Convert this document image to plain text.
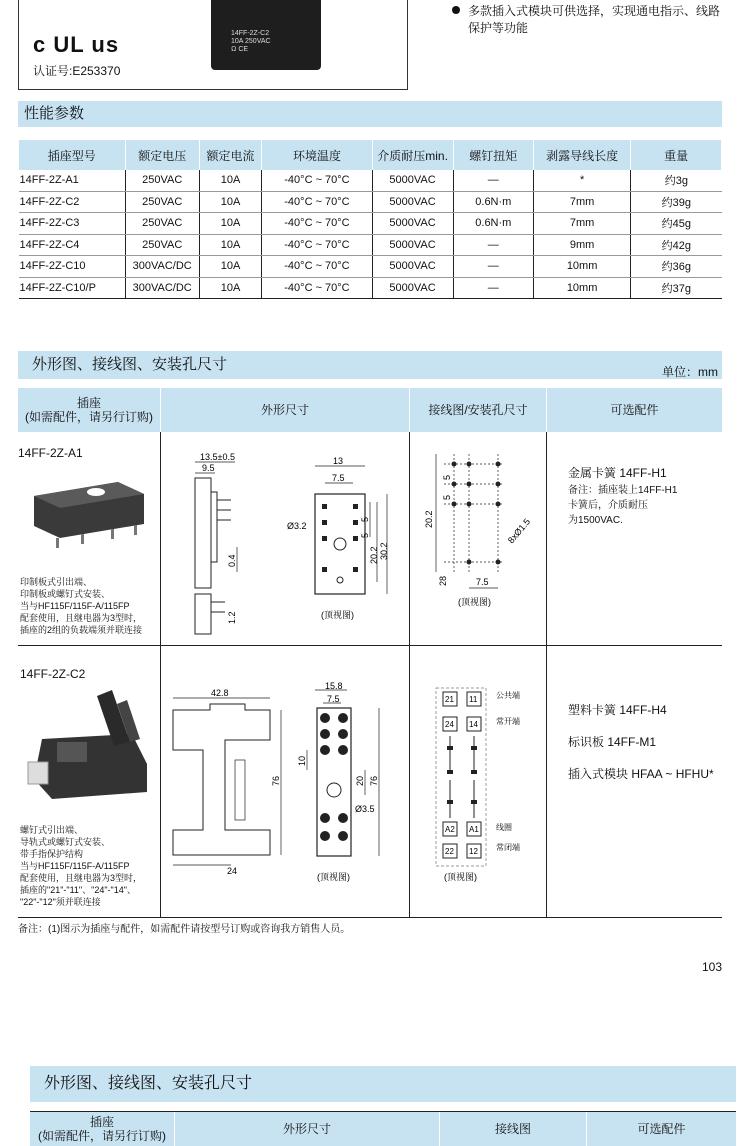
14FF-2Z-C2
10A 250VAC
Ω CE
c UL us
认证号:E253370
多款插入式模块可供选择，实现通电指示、线路保护等功能
性能参数
插座型号	额定电压	额定电流	环境温度	介质耐压min.	螺钉扭矩	剥露导线长度	重量
14FF-2Z-A1	250VAC	10A	-40°C ~ 70°C	5000VAC	—	*	约3g
14FF-2Z-C2	250VAC	10A	-40°C ~ 70°C	5000VAC	0.6N·m	7mm	约39g
14FF-2Z-C3	250VAC	10A	-40°C ~ 70°C	5000VAC	0.6N·m	7mm	约45g
14FF-2Z-C4	250VAC	10A	-40°C ~ 70°C	5000VAC	—	9mm	约42g
14FF-2Z-C10	300VAC/DC	10A	-40°C ~ 70°C	5000VAC	—	10mm	约36g
14FF-2Z-C10/P	300VAC/DC	10A	-40°C ~ 70°C	5000VAC	—	10mm	约37g
外形图、接线图、安装孔尺寸	单位：mm
插座
(如需配件，请另行订购)	外形尺寸	接线图/安装孔尺寸	可选配件
14FF-2Z-A1
印制板式引出端、
印制板或螺钉式安装、
当与HF115F/115F-A/115FP
配套使用，且继电器为3型时，
插座的2组的负载端须并联连接
13.5±0.5
9.5
0.4
1.2
13
7.5
Ø3.2
5
5
20.2 30.2
(顶视图)
5
5
20.2	8xØ1.5
28	7.5
(顶视图)
金属卡簧 14FF-H1
备注：插座装上14FF-H1
卡簧后，介质耐压
为1500VAC.
14FF-2Z-C2
螺钉式引出端、
导轨式或螺钉式安装、
带手指保护结构
当与HF115F/115F-A/115FP
配套使用，且继电器为3型时，
插座的"21"-"11"、"24"-"14"、
"22"-"12"须并联连接
42.8
76
24
15.8
7.5
10
20 76
Ø3.5
(顶视图)
21 11
24 14
A2 A1
22 12
公共端
常开端
线圈
常闭端
(顶视图)
塑料卡簧 14FF-H4
标识板 14FF-M1
插入式模块 HFAA ~ HFHU*
备注：(1)图示为插座与配件，如需配件请按型号订购或咨询我方销售人员。
103
外形图、接线图、安装孔尺寸
插座
(如需配件，请另行订购)	外形尺寸	接线图	可选配件
